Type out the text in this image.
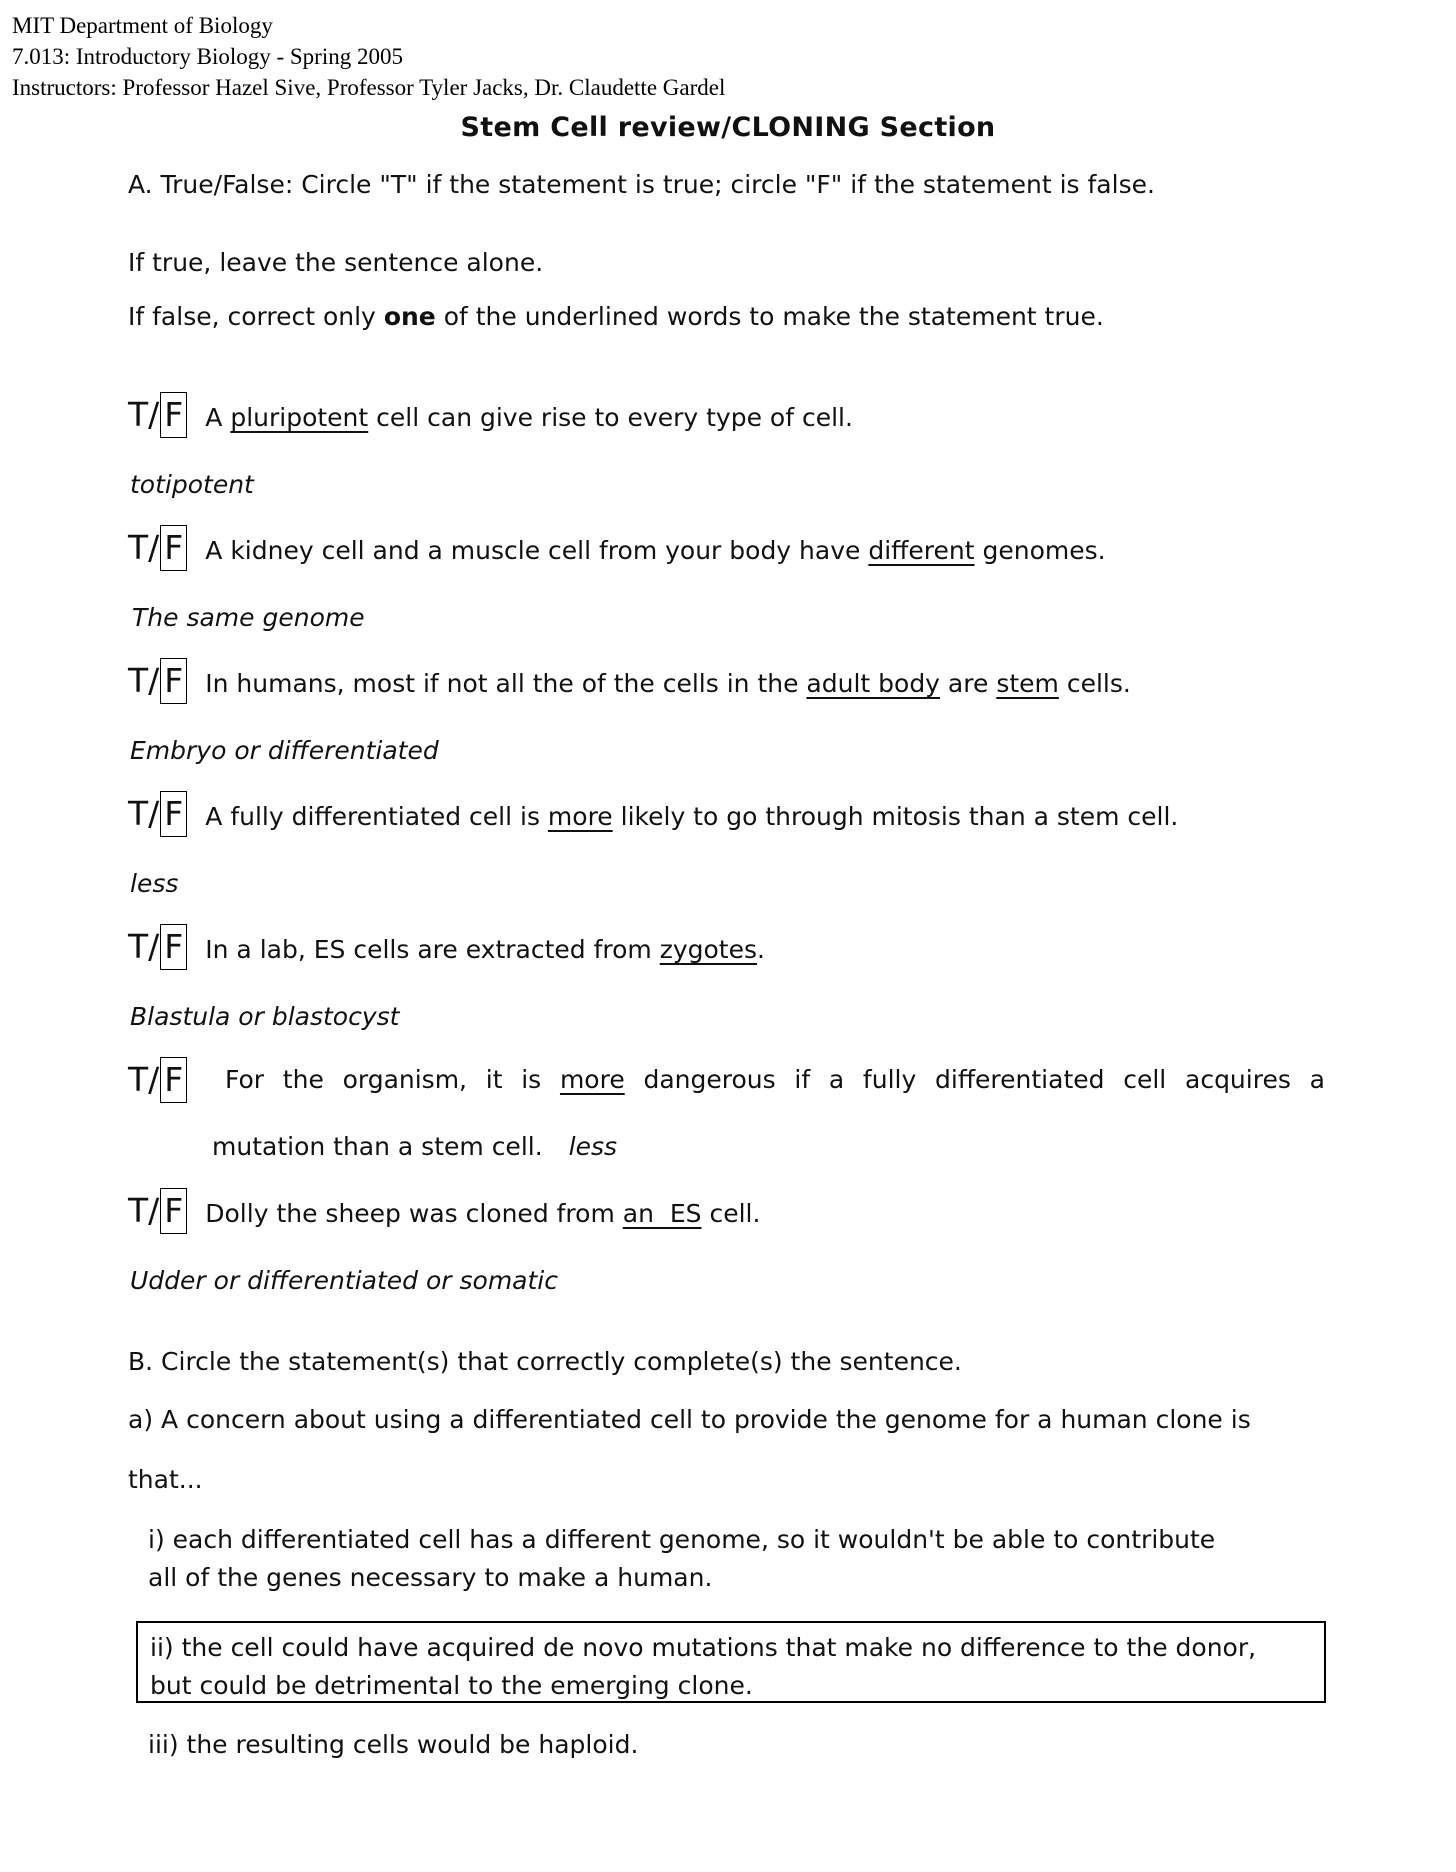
MIT Department of Biology
7.013: Introductory Biology - Spring 2005
Instructors: Professor Hazel Sive, Professor Tyler Jacks, Dr. Claudette Gardel
Stem Cell review/CLONING Section
A. True/False: Circle "T" if the statement is true; circle "F" if the statement is false.
If true, leave the sentence alone.
If false, correct only one of the underlined words to make the statement true.
T/ F A pluripotent cell can give rise to every type of cell.
totipotent
T/ F A kidney cell and a muscle cell from your body have different genomes.
The same genome
T/ F In humans, most if not all the of the cells in the adult body are stem cells.
Embryo or differentiated
T/ F A fully differentiated cell is more likely to go through mitosis than a stem cell.
less
T/ F In a lab, ES cells are extracted from zygotes.
Blastula or blastocyst
T/ F For the organism, it is more dangerous if a fully differentiated cell acquires a
mutation than a stem cell. less
T/ F Dolly the sheep was cloned from an  ES cell.
Udder or differentiated or somatic
B. Circle the statement(s) that correctly complete(s) the sentence.
a) A concern about using a differentiated cell to provide the genome for a human clone is
that...
i) each differentiated cell has a different genome, so it wouldn't be able to contribute
all of the genes necessary to make a human.
ii) the cell could have acquired de novo mutations that make no difference to the donor,
but could be detrimental to the emerging clone.
iii) the resulting cells would be haploid.
